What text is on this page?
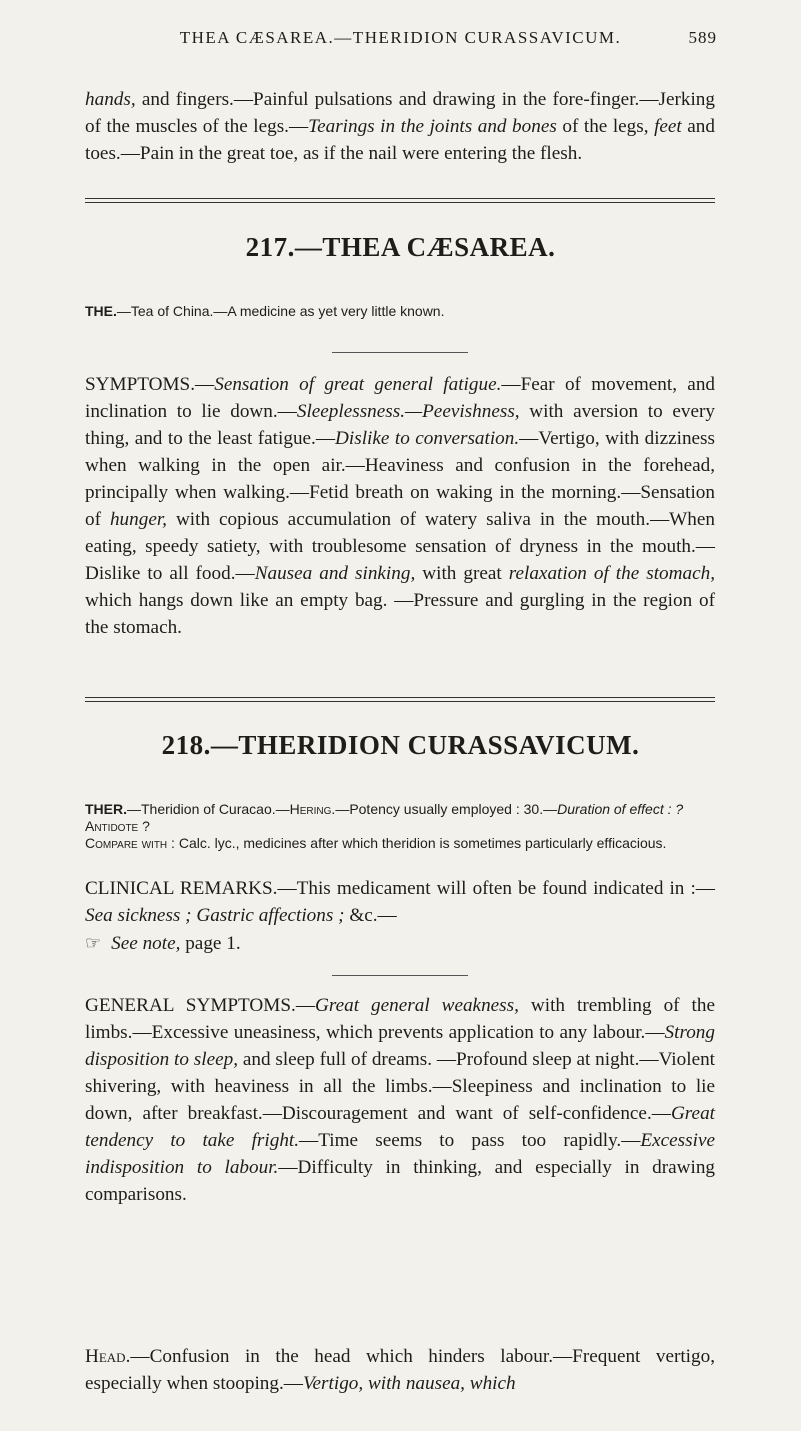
THEA CÆSAREA.—THERIDION CURASSAVICUM.	589

hands, and fingers.—Painful pulsations and drawing in the fore-finger.—Jerking of the muscles of the legs.—Tearings in the joints and bones of the legs, feet and toes.—Pain in the great toe, as if the nail were entering the flesh.

217.—THEA CÆSAREA.

THE.—Tea of China.—A medicine as yet very little known.

SYMPTOMS.—Sensation of great general fatigue.—Fear of movement, and inclination to lie down.—Sleeplessness.—Peevishness, with aversion to every thing, and to the least fatigue.—Dislike to conversation.—Vertigo, with dizziness when walking in the open air.—Heaviness and confusion in the forehead, principally when walking.—Fetid breath on waking in the morning.—Sensation of hunger, with copious accumulation of watery saliva in the mouth.—When eating, speedy satiety, with troublesome sensation of dryness in the mouth.—Dislike to all food.—Nausea and sinking, with great relaxation of the stomach, which hangs down like an empty bag. —Pressure and gurgling in the region of the stomach.

218.—THERIDION CURASSAVICUM.

THER.—Theridion of Curacao.—Hering.—Potency usually employed : 30.—Duration of effect : ?
Antidote ?
Compare with : Calc. lyc., medicines after which theridion is sometimes particularly efficacious.

CLINICAL REMARKS.—This medicament will often be found indicated in :—Sea sickness ; Gastric affections ; &c.—

☞ See note, page 1.

GENERAL SYMPTOMS.—Great general weakness, with trembling of the limbs.—Excessive uneasiness, which prevents application to any labour.—Strong disposition to sleep, and sleep full of dreams. —Profound sleep at night.—Violent shivering, with heaviness in all the limbs.—Sleepiness and inclination to lie down, after breakfast.—Discouragement and want of self-confidence.—Great tendency to take fright.—Time seems to pass too rapidly.—Excessive indisposition to labour.—Difficulty in thinking, and especially in drawing comparisons.

Head.—Confusion in the head which hinders labour.—Frequent vertigo, especially when stooping.—Vertigo, with nausea, which
